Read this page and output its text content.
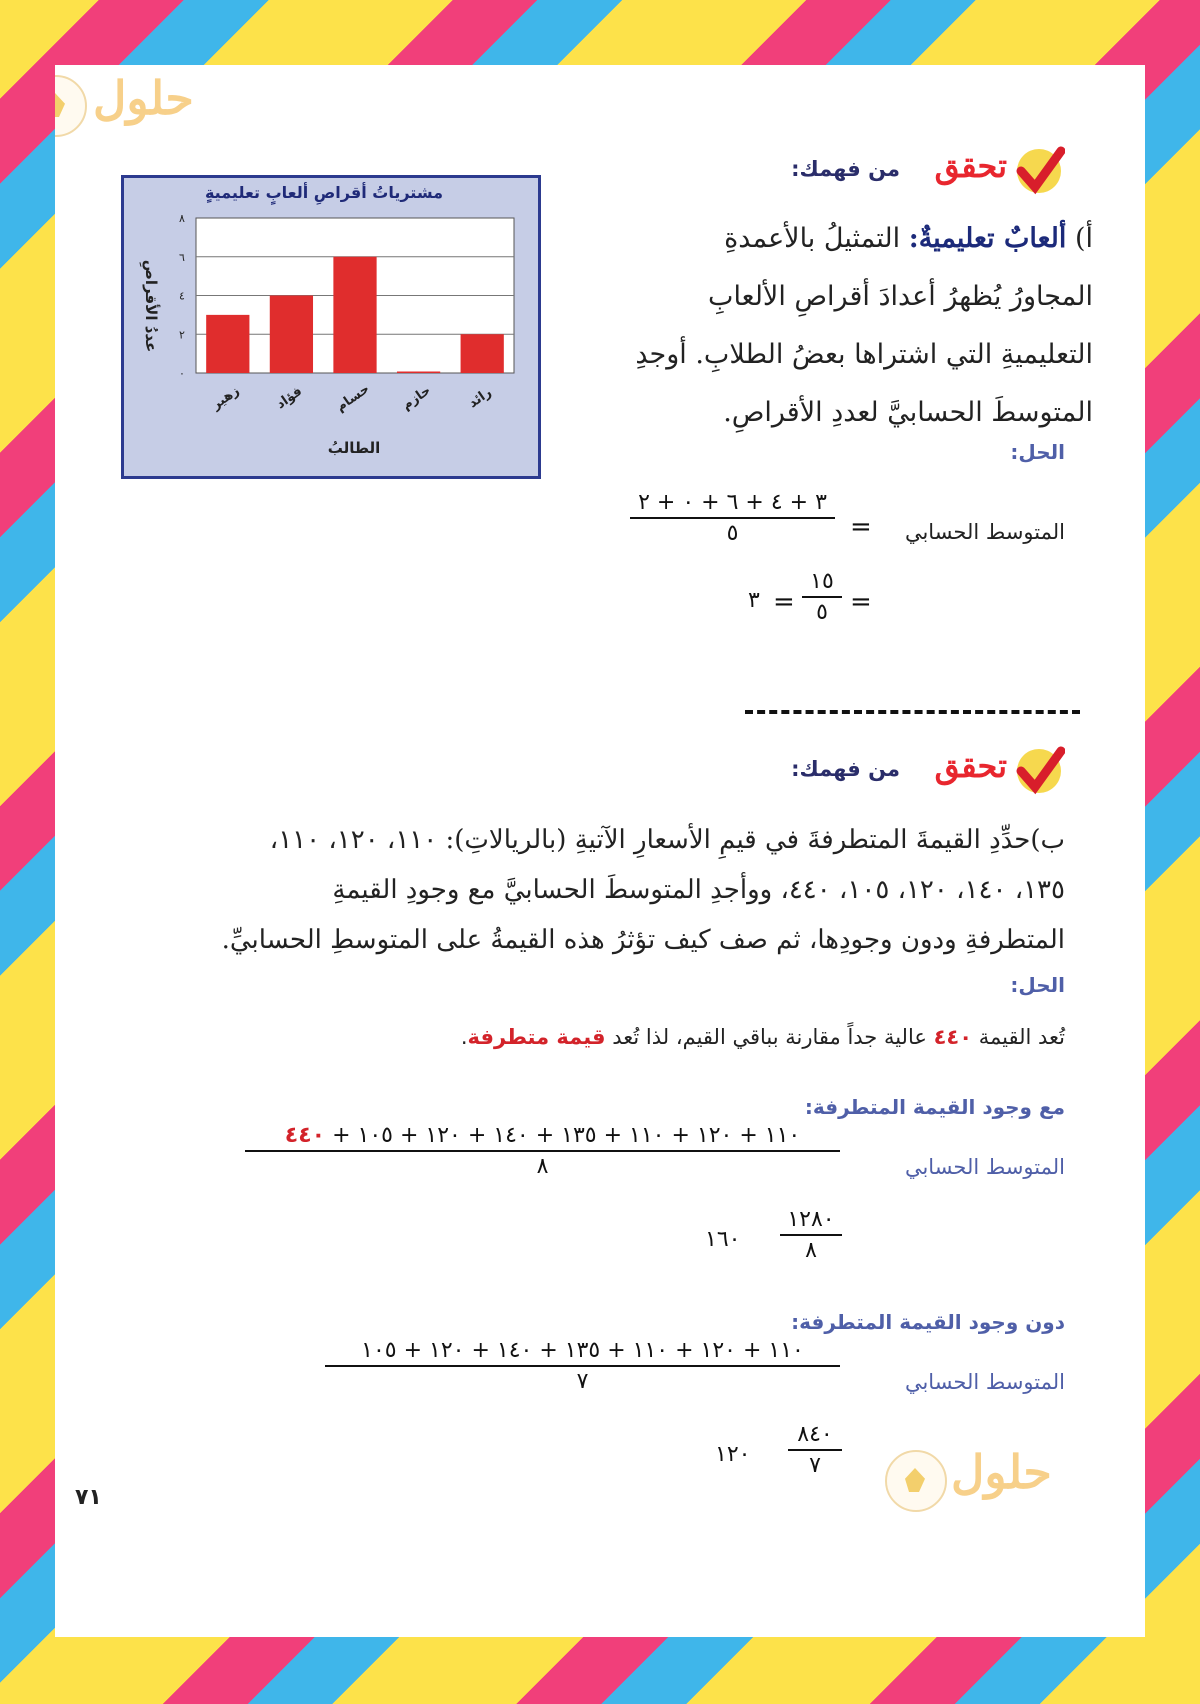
حلول
حلول
تحقق
من فهمك:
أ) ألعابٌ تعليميةٌ: التمثيلُ بالأعمدةِ
المجاورُ يُظهرُ أعدادَ أقراصِ الألعابِ
التعليميةِ التي اشتراها بعضُ الطلابِ. أوجدِ
المتوسطَ الحسابيَّ لعددِ الأقراصِ.
مشترياتُ أقراصِ ألعابٍ تعليميةٍ
٠
٢
٤
٦
٨
زهير فؤاد حسام حازم رائد
عددُ الأقراصِ
الطالبُ	الحل:
المتوسط الحسابي
=
٣ + ٤ + ٦ + ٠ + ٢
٥
=
١٥
٥
=
٣
تحقق
من فهمك:
ب)حدِّدِ القيمةَ المتطرفةَ في قيمِ الأسعارِ الآتيةِ (بالريالاتِ): ١١٠، ١٢٠، ١١٠،
١٣٥، ١٤٠، ١٢٠، ١٠٥، ٤٤٠، ووأجدِ المتوسطَ الحسابيَّ مع وجودِ القيمةِ
المتطرفةِ ودون وجودِها، ثم صف كيف تؤثرُ هذه القيمةُ على المتوسطِ الحسابيِّ.
الحل:
تُعد القيمة ٤٤٠ عالية جداً مقارنة بباقي القيم، لذا تُعد قيمة متطرفة.
مع وجود القيمة المتطرفة:
المتوسط الحسابي
١١٠ + ١٢٠ + ١١٠ + ١٣٥ + ١٤٠ + ١٢٠ + ١٠٥ + ٤٤٠
٨
١٢٨٠
٨
١٦٠
دون وجود القيمة المتطرفة:
المتوسط الحسابي
١١٠ + ١٢٠ + ١١٠ + ١٣٥ + ١٤٠ + ١٢٠ + ١٠٥
٧
٨٤٠
٧
١٢٠
٧١
